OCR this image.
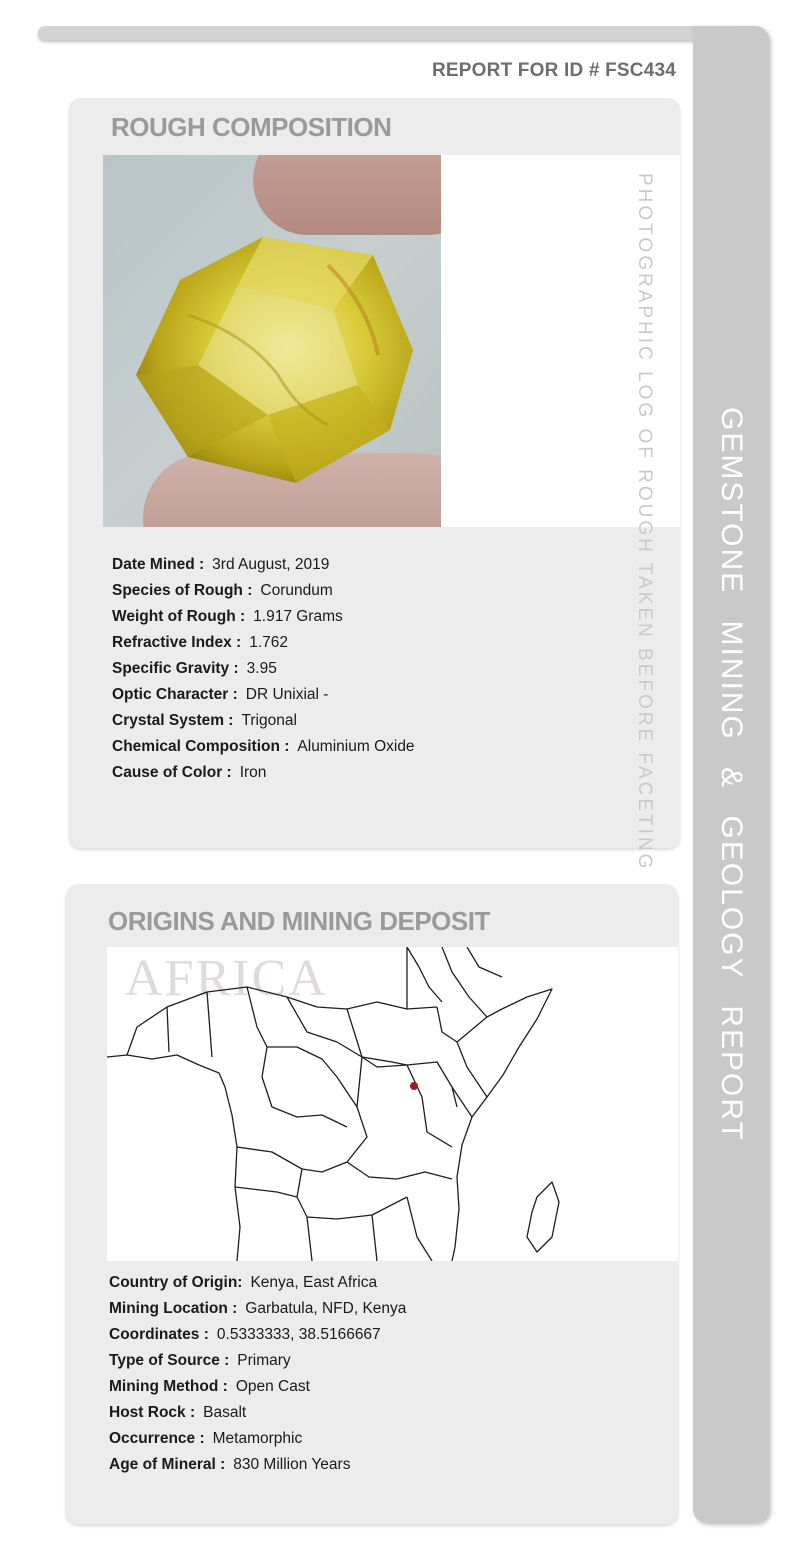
GEMSTONE MINING & GEOLOGY REPORT
REPORT FOR ID # FSC434
ROUGH COMPOSITION
PHOTOGRAPHIC LOG OF ROUGH TAKEN BEFORE FACETING
Date Mined : 3rd August, 2019
Species of Rough : Corundum
Weight of Rough : 1.917 Grams
Refractive Index : 1.762
Specific Gravity : 3.95
Optic Character : DR Unixial -
Crystal System : Trigonal
Chemical Composition : Aluminium Oxide
Cause of Color : Iron
ORIGINS AND MINING DEPOSIT
AFRICA
Country of Origin: Kenya, East Africa
Mining Location : Garbatula, NFD, Kenya
Coordinates : 0.5333333, 38.5166667
Type of Source : Primary
Mining Method : Open Cast
Host Rock : Basalt
Occurrence : Metamorphic
Age of Mineral : 830 Million Years
